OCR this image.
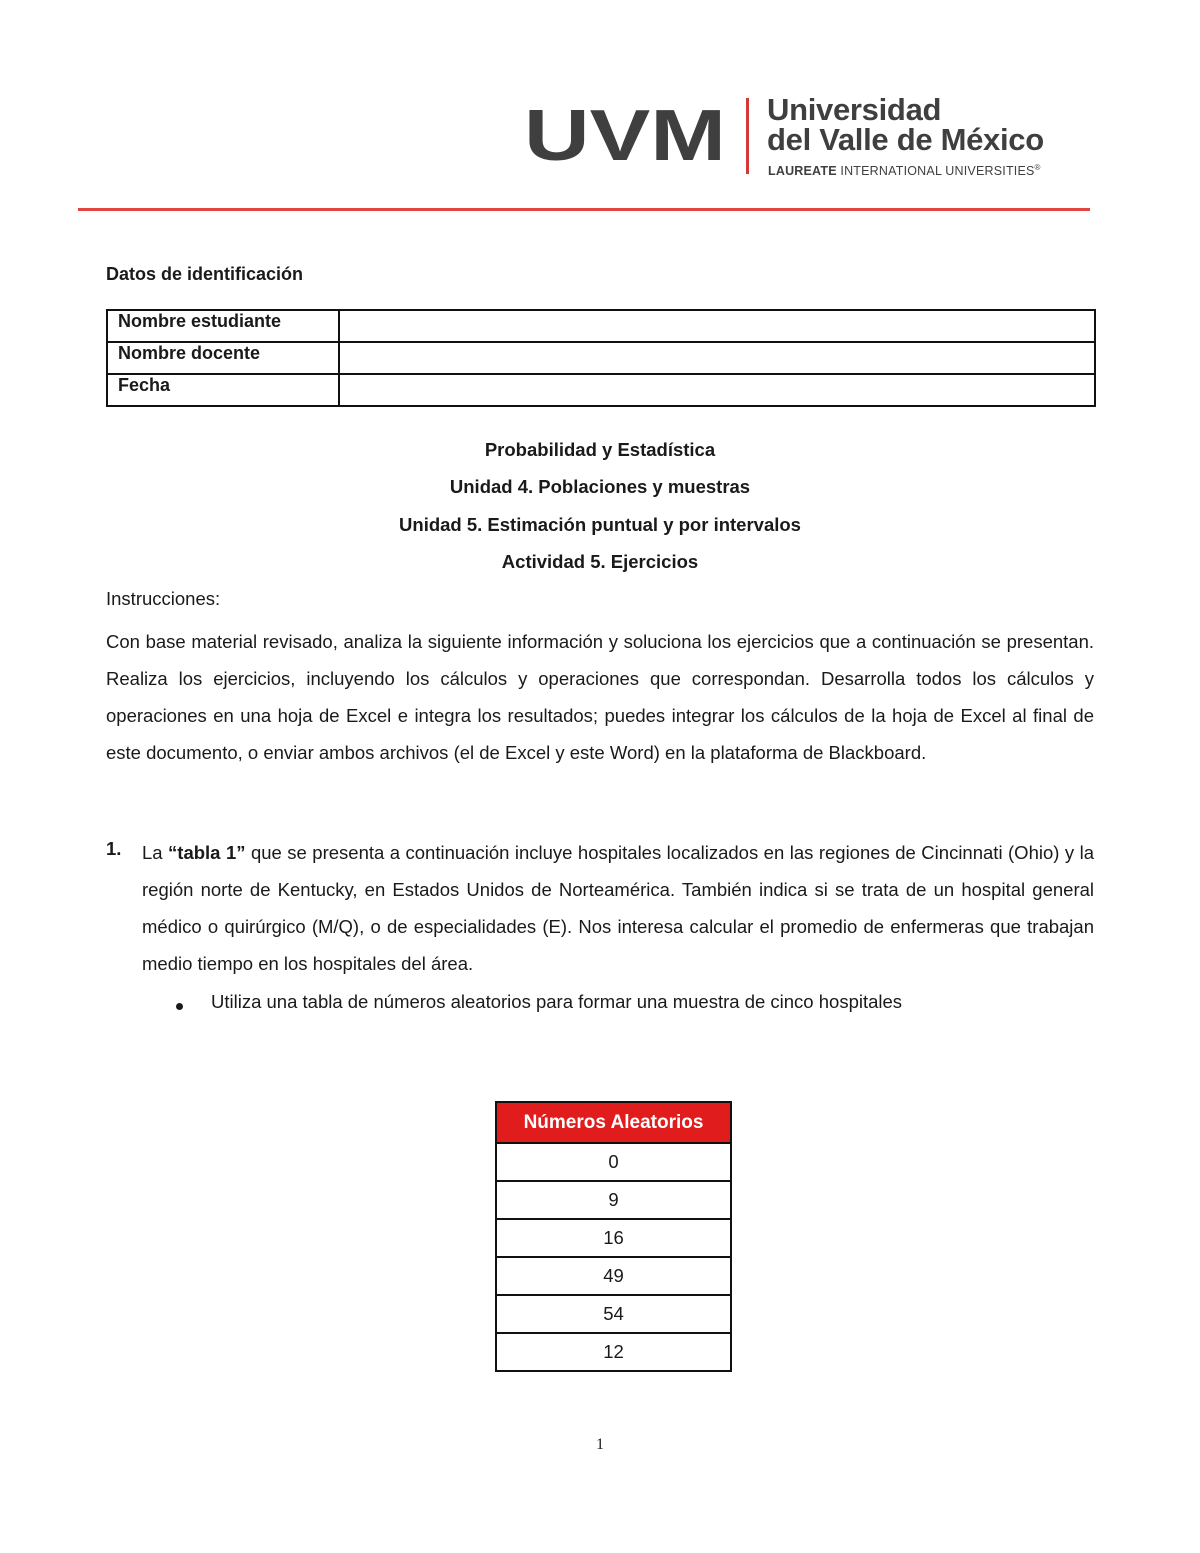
UVM Universidad
del Valle de México
LAUREATE INTERNATIONAL UNIVERSITIES®
Datos de identificación
Nombre estudiante	
Nombre docente	
Fecha	
Probabilidad y Estadística
Unidad 4. Poblaciones y muestras
Unidad 5. Estimación puntual y por intervalos
Actividad 5. Ejercicios
Instrucciones:
Con base material revisado, analiza la siguiente información y soluciona los ejercicios que a continuación se presentan. Realiza los ejercicios, incluyendo los cálculos y operaciones que correspondan. Desarrolla todos los cálculos y operaciones en una hoja de Excel e integra los resultados; puedes integrar los cálculos de la hoja de Excel al final de este documento, o enviar ambos archivos (el de Excel y este Word) en la plataforma de Blackboard.
1. La “tabla 1” que se presenta a continuación incluye hospitales localizados en las regiones de Cincinnati (Ohio) y la región norte de Kentucky, en Estados Unidos de Norteamérica. También indica si se trata de un hospital general médico o quirúrgico (M/Q), o de especialidades (E). Nos interesa calcular el promedio de enfermeras que trabajan medio tiempo en los hospitales del área.
Utiliza una tabla de números aleatorios para formar una muestra de cinco hospitales
Números Aleatorios
0
9
16
49
54
12
1
